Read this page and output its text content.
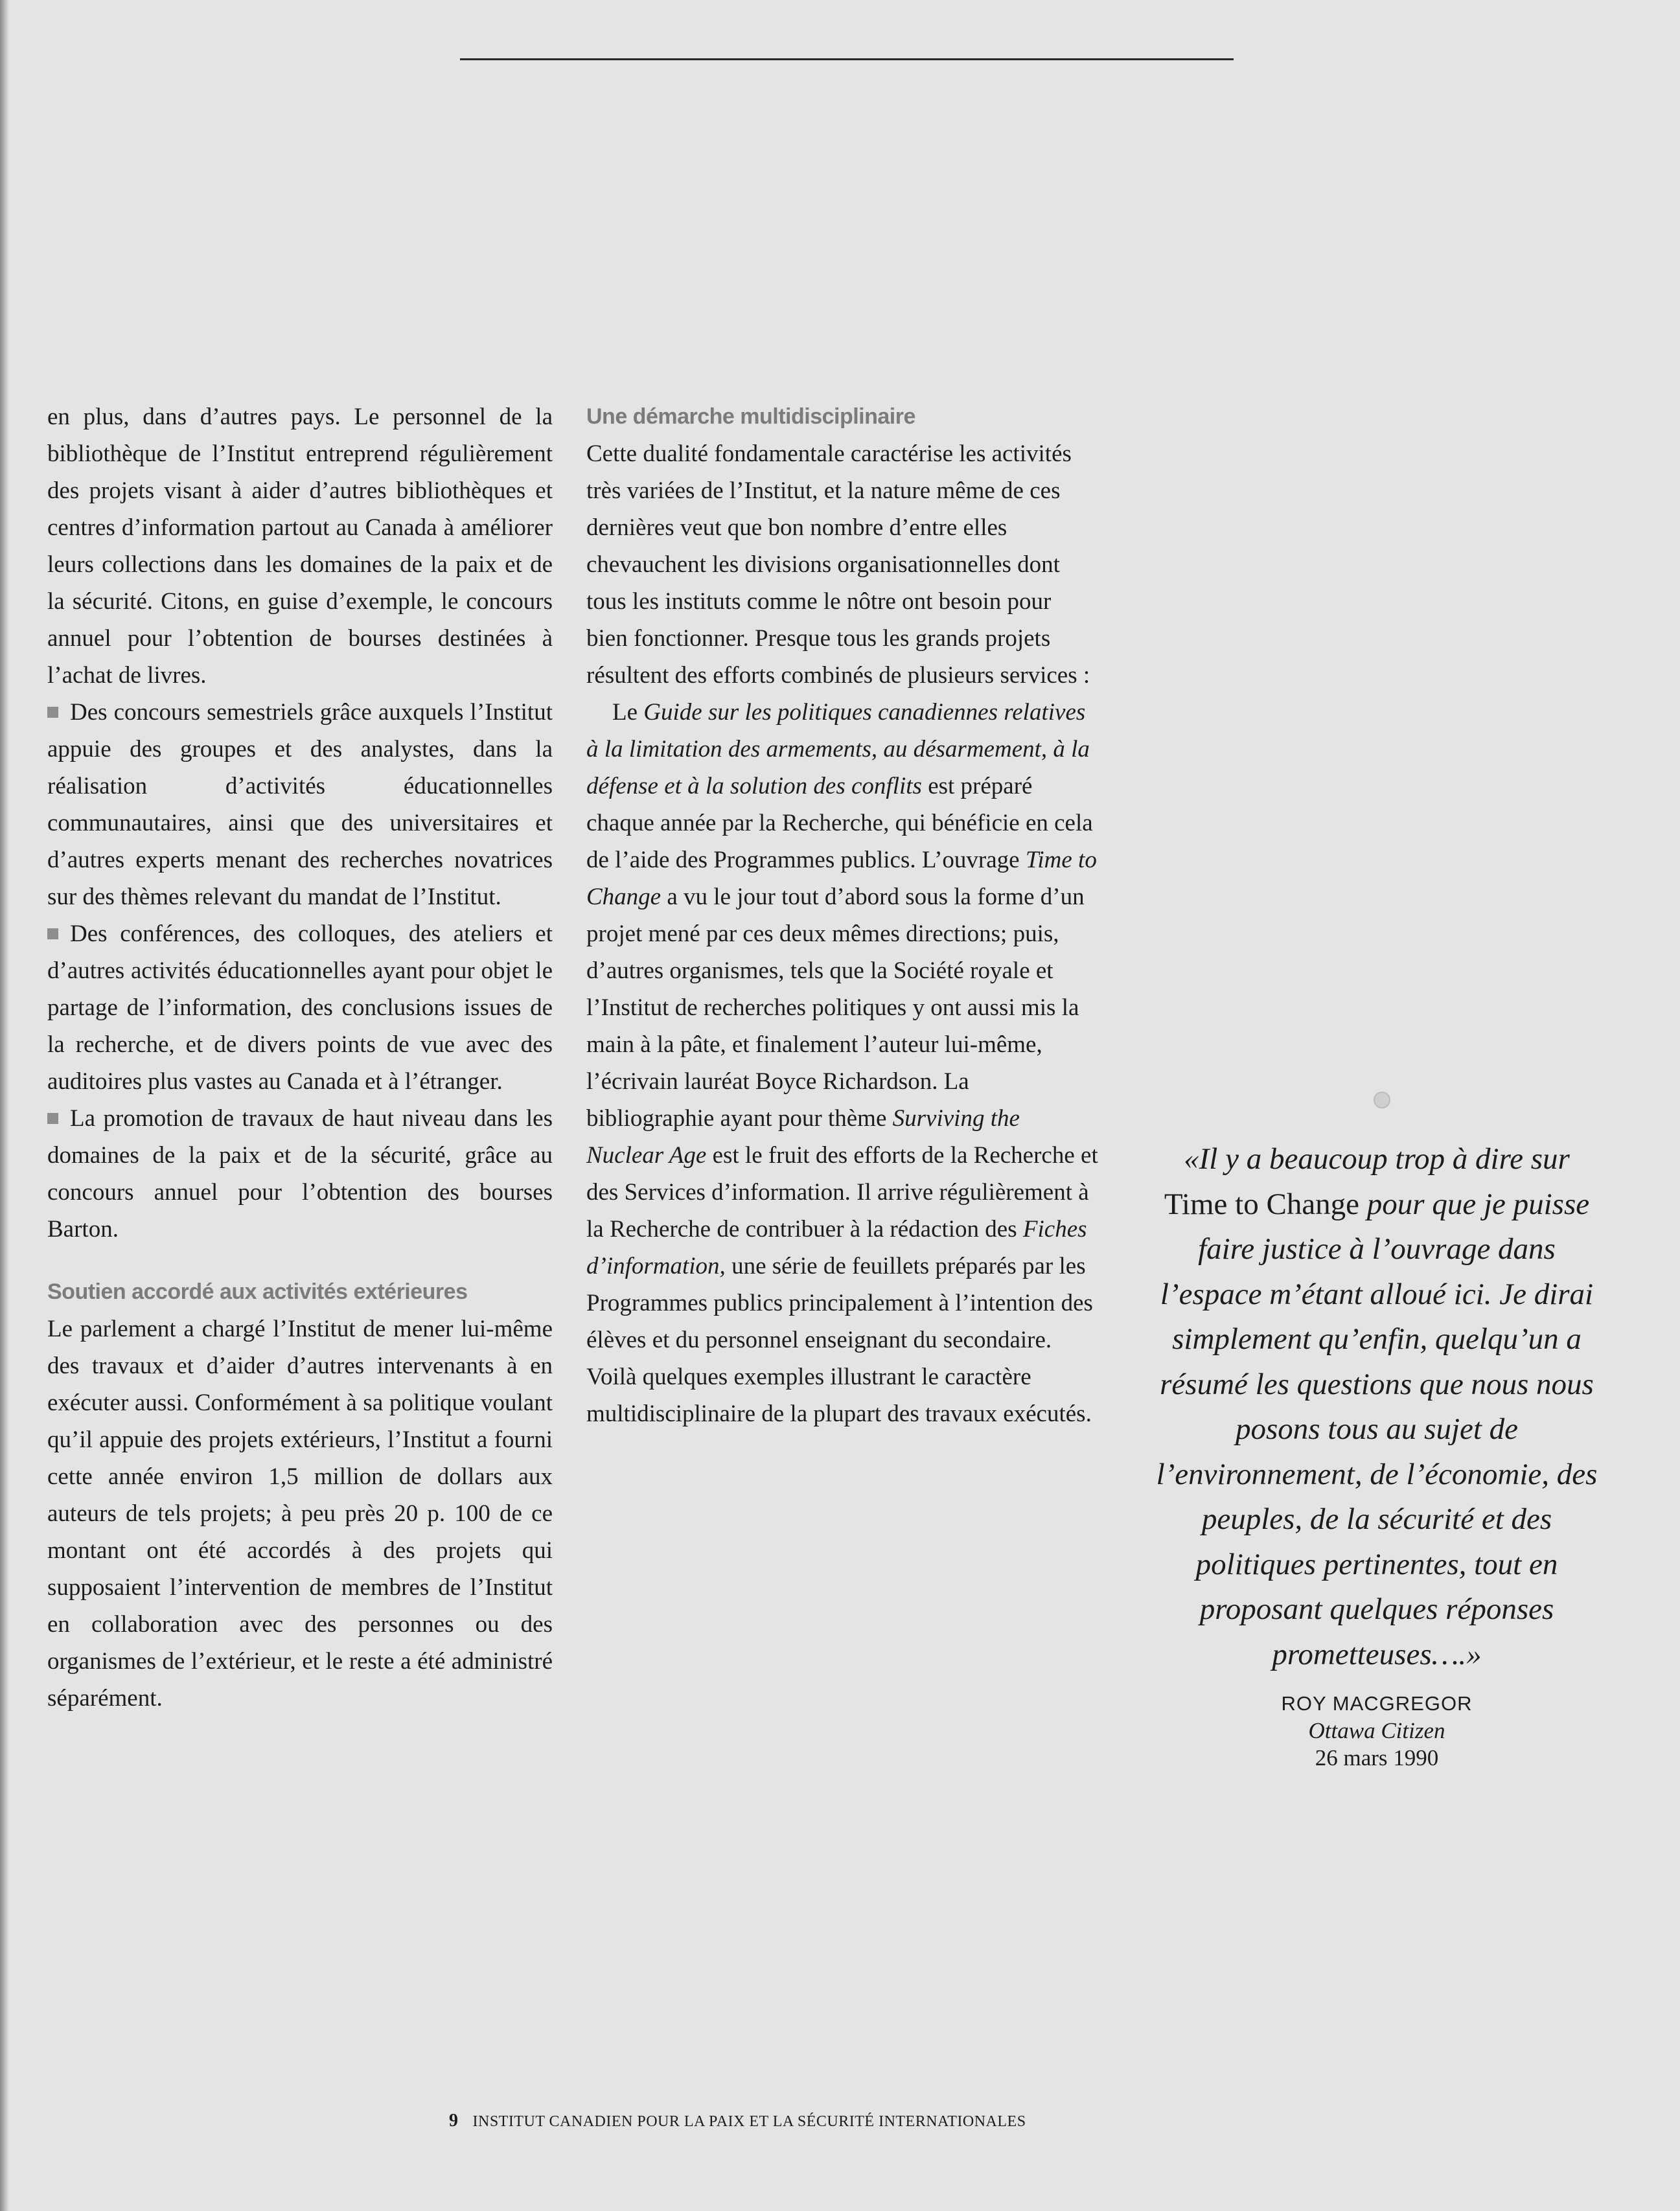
en plus, dans d’autres pays. Le personnel de la bibliothèque de l’Institut entreprend régulièrement des projets visant à aider d’autres bibliothèques et centres d’information partout au Canada à améliorer leurs collections dans les domaines de la paix et de la sécurité. Citons, en guise d’exemple, le concours annuel pour l’obtention de bourses destinées à l’achat de livres.

Des concours semestriels grâce auxquels l’Institut appuie des groupes et des analystes, dans la réalisation d’activités éducationnelles communautaires, ainsi que des universitaires et d’autres experts menant des recherches novatrices sur des thèmes relevant du mandat de l’Institut.

Des conférences, des colloques, des ateliers et d’autres activités éducationnelles ayant pour objet le partage de l’information, des conclusions issues de la recherche, et de divers points de vue avec des auditoires plus vastes au Canada et à l’étranger.

La promotion de travaux de haut niveau dans les domaines de la paix et de la sécurité, grâce au concours annuel pour l’obtention des bourses Barton.

Soutien accordé aux activités extérieures

Le parlement a chargé l’Institut de mener lui-même des travaux et d’aider d’autres intervenants à en exécuter aussi. Conformément à sa politique voulant qu’il appuie des projets extérieurs, l’Institut a fourni cette année environ 1,5 million de dollars aux auteurs de tels projets; à peu près 20 p. 100 de ce montant ont été accordés à des projets qui supposaient l’intervention de membres de l’Institut en collaboration avec des personnes ou des organismes de l’extérieur, et le reste a été administré séparément.

Une démarche multidisciplinaire

Cette dualité fondamentale caractérise les activités très variées de l’Institut, et la nature même de ces dernières veut que bon nombre d’entre elles chevauchent les divisions organisationnelles dont tous les instituts comme le nôtre ont besoin pour bien fonctionner. Presque tous les grands projets résultent des efforts combinés de plusieurs services :

Le Guide sur les politiques canadiennes relatives à la limitation des armements, au désarmement, à la défense et à la solution des conflits est préparé chaque année par la Recherche, qui bénéficie en cela de l’aide des Programmes publics. L’ouvrage Time to Change a vu le jour tout d’abord sous la forme d’un projet mené par ces deux mêmes directions; puis, d’autres organismes, tels que la Société royale et l’Institut de recherches politiques y ont aussi mis la main à la pâte, et finalement l’auteur lui-même, l’écrivain lauréat Boyce Richardson. La bibliographie ayant pour thème Surviving the Nuclear Age est le fruit des efforts de la Recherche et des Services d’information. Il arrive régulièrement à la Recherche de contribuer à la rédaction des Fiches d’information, une série de feuillets préparés par les Programmes publics principalement à l’intention des élèves et du personnel enseignant du secondaire. Voilà quelques exemples illustrant le caractère multidisciplinaire de la plupart des travaux exécutés.

«Il y a beaucoup trop à dire sur Time to Change pour que je puisse faire justice à l’ouvrage dans l’espace m’étant alloué ici. Je dirai simplement qu’enfin, quelqu’un a résumé les questions que nous nous posons tous au sujet de l’environnement, de l’économie, des peuples, de la sécurité et des politiques pertinentes, tout en proposant quelques réponses prometteuses….»

ROY MACGREGOR
Ottawa Citizen
26 mars 1990
9 INSTITUT CANADIEN POUR LA PAIX ET LA SÉCURITÉ INTERNATIONALES
